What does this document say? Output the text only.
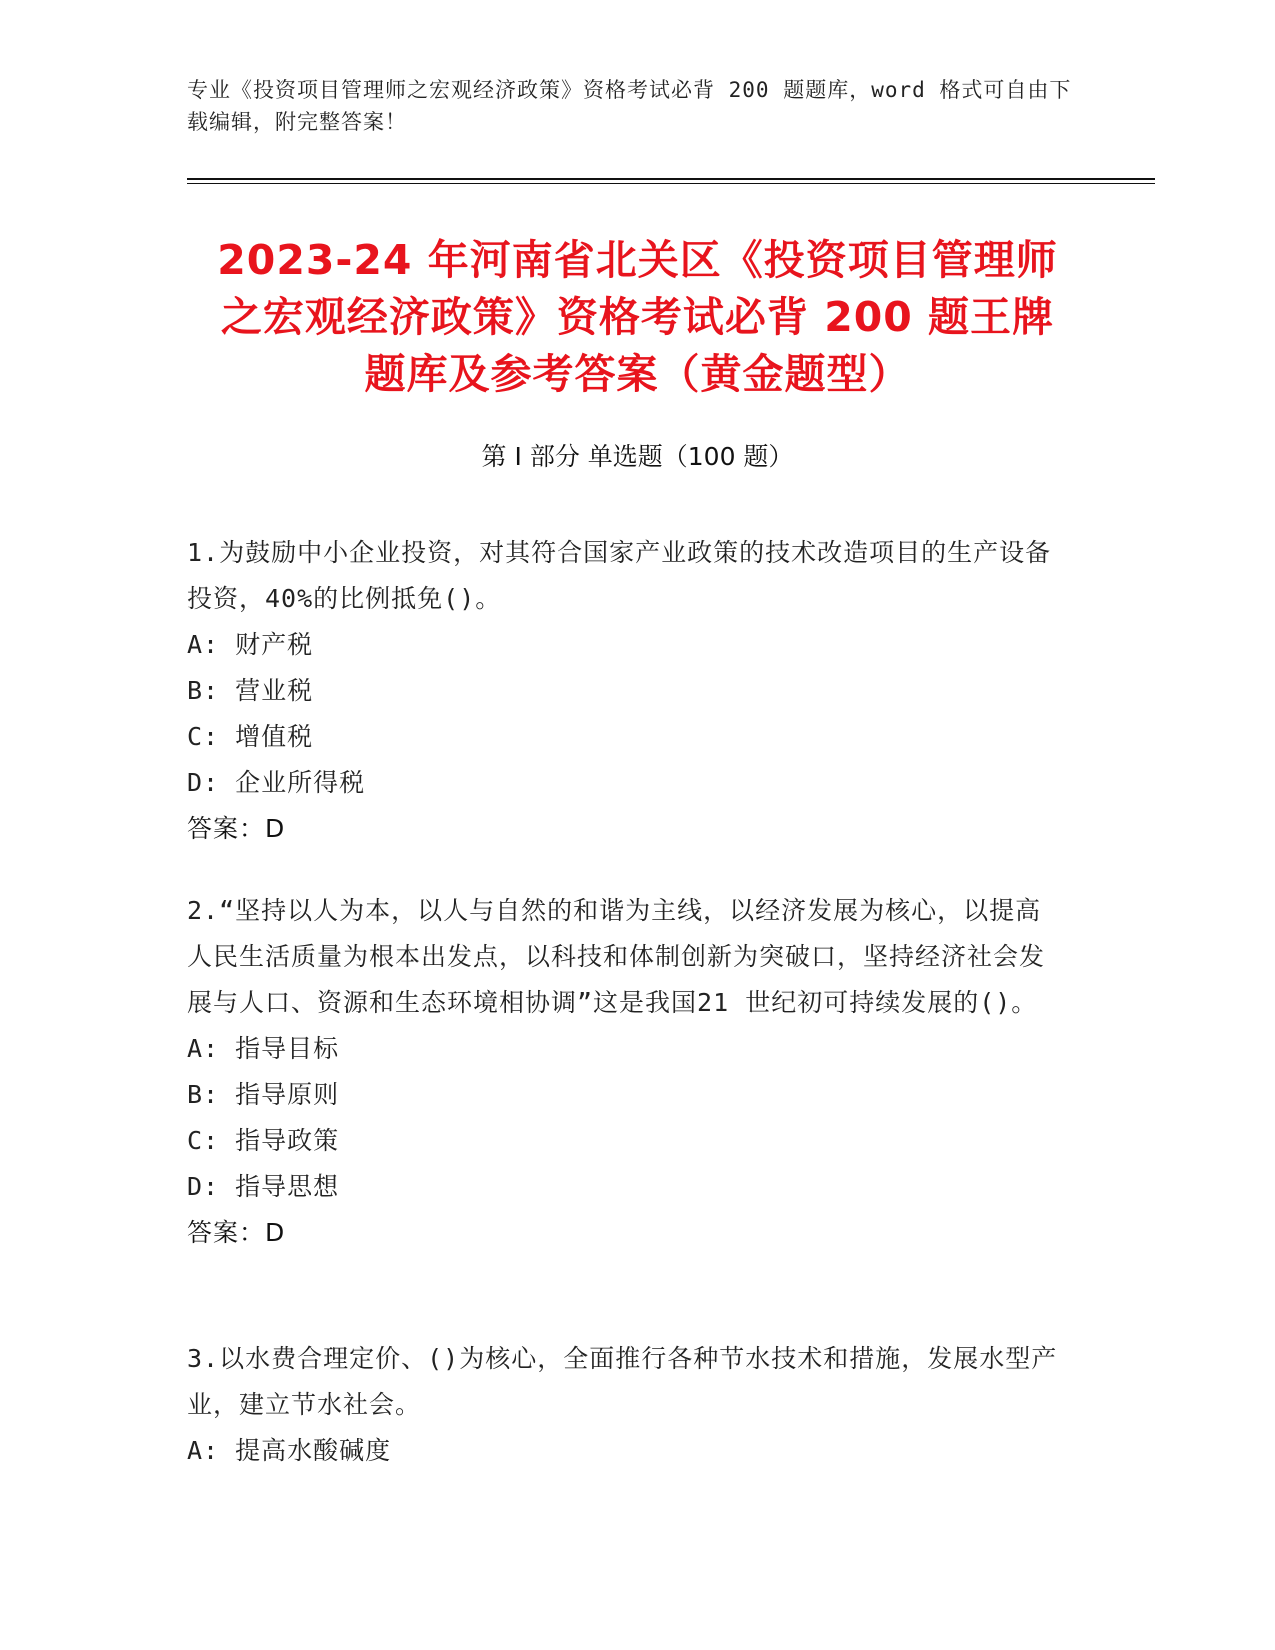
专业《投资项目管理师之宏观经济政策》资格考试必背 200 题题库，word 格式可自由下载编辑，附完整答案！
2023-24 年河南省北关区《投资项目管理师
之宏观经济政策》资格考试必背 200 题王牌
题库及参考答案（黄金题型）
第 I 部分 单选题（100 题）
1.为鼓励中小企业投资，对其符合国家产业政策的技术改造项目的生产设备投资，40%的比例抵免()。
A: 财产税
B: 营业税
C: 增值税
D: 企业所得税
答案：D
2.“坚持以人为本，以人与自然的和谐为主线，以经济发展为核心，以提高人民生活质量为根本出发点，以科技和体制创新为突破口，坚持经济社会发展与人口、资源和生态环境相协调”这是我国21 世纪初可持续发展的()。
A: 指导目标
B: 指导原则
C: 指导政策
D: 指导思想
答案：D
3.以水费合理定价、()为核心，全面推行各种节水技术和措施，发展水型产业，建立节水社会。
A: 提高水酸碱度
